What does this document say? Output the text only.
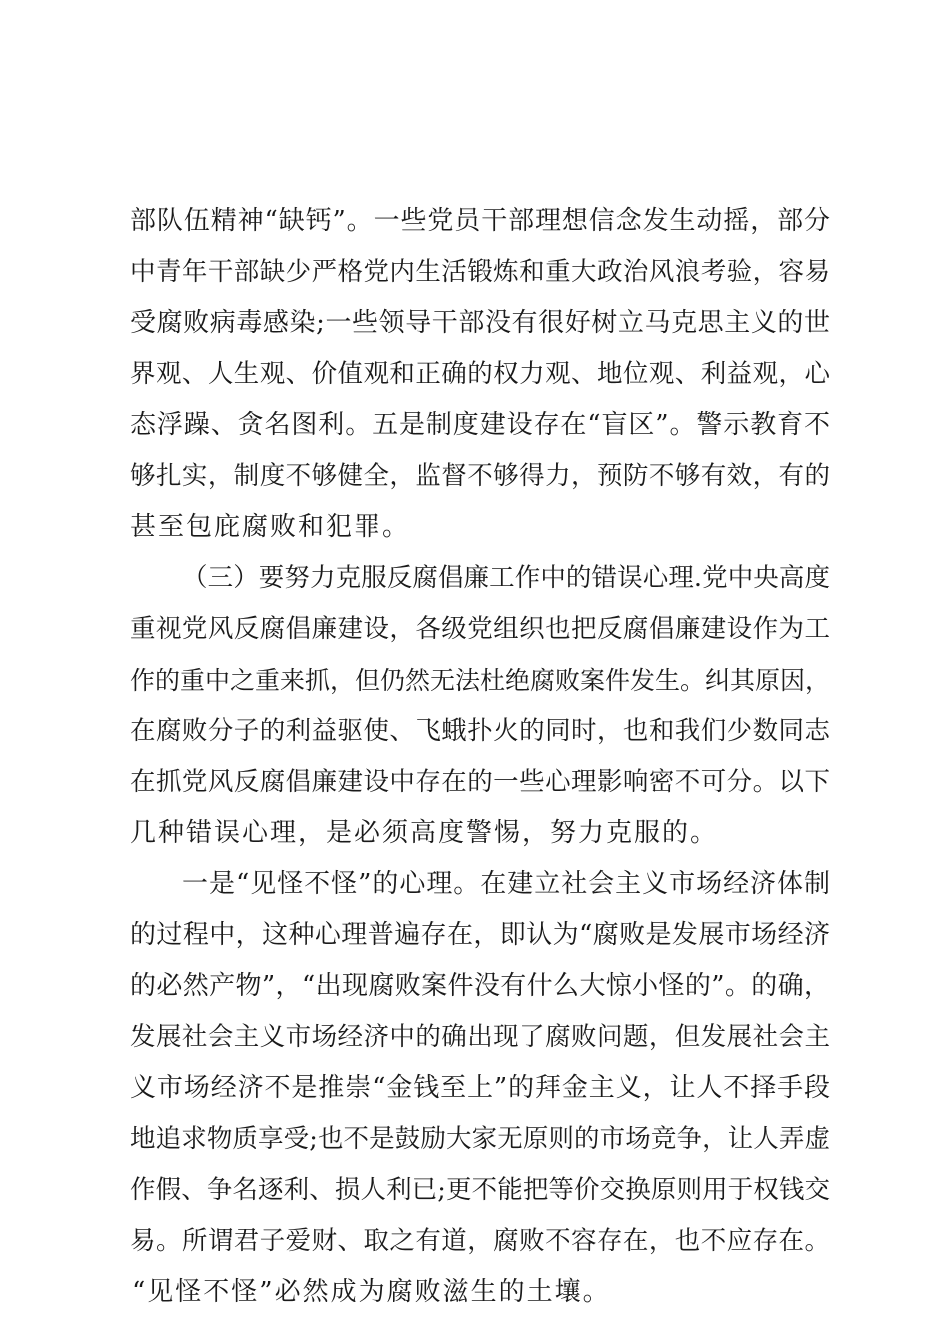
部队伍精神“缺钙”。一些党员干部理想信念发生动摇，部分
中青年干部缺少严格党内生活锻炼和重大政治风浪考验，容易
受腐败病毒感染;一些领导干部没有很好树立马克思主义的世
界观、人生观、价值观和正确的权力观、地位观、利益观，心
态浮躁、贪名图利。五是制度建设存在“盲区”。警示教育不
够扎实，制度不够健全，监督不够得力，预防不够有效，有的
甚至包庇腐败和犯罪。
（三）要努力克服反腐倡廉工作中的错误心理.党中央高度
重视党风反腐倡廉建设，各级党组织也把反腐倡廉建设作为工
作的重中之重来抓，但仍然无法杜绝腐败案件发生。纠其原因，
在腐败分子的利益驱使、飞蛾扑火的同时，也和我们少数同志
在抓党风反腐倡廉建设中存在的一些心理影响密不可分。以下
几种错误心理，是必须高度警惕，努力克服的。
一是“见怪不怪”的心理。在建立社会主义市场经济体制
的过程中，这种心理普遍存在，即认为“腐败是发展市场经济
的必然产物”，“出现腐败案件没有什么大惊小怪的”。的确，
发展社会主义市场经济中的确出现了腐败问题，但发展社会主
义市场经济不是推崇“金钱至上”的拜金主义，让人不择手段
地追求物质享受;也不是鼓励大家无原则的市场竞争，让人弄虚
作假、争名逐利、损人利已;更不能把等价交换原则用于权钱交
易。所谓君子爱财、取之有道，腐败不容存在，也不应存在。
“见怪不怪”必然成为腐败滋生的土壤。
